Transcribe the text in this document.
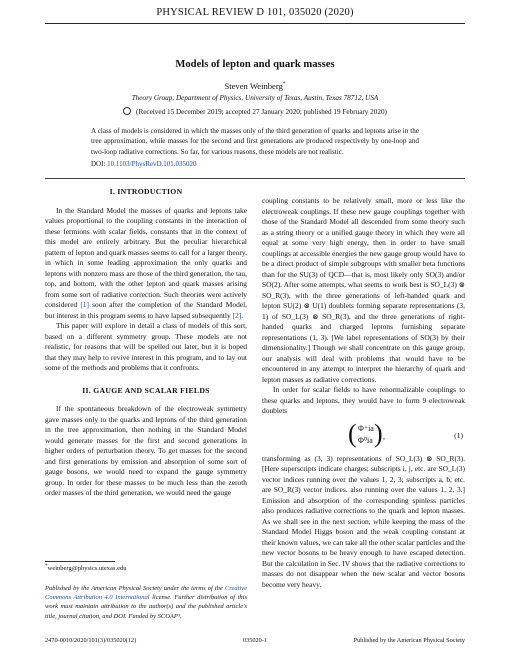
PHYSICAL REVIEW D 101, 035020 (2020)
Models of lepton and quark masses
Steven Weinberg*
Theory Group, Department of Physics, University of Texas, Austin, Texas 78712, USA
(Received 15 December 2019; accepted 27 January 2020; published 19 February 2020)
A class of models is considered in which the masses only of the third generation of quarks and leptons arise in the tree approximation, while masses for the second and first generations are produced respectively by one-loop and two-loop radiative corrections. So far, for various reasons, these models are not realistic.
DOI: 10.1103/PhysRevD.101.035020
I. INTRODUCTION

In the Standard Model the masses of quarks and leptons take values proportional to the coupling constants in the interaction of these fermions with scalar fields, constants that in the context of this model are entirely arbitrary. But the peculiar hierarchical pattern of lepton and quark masses seems to call for a larger theory, in which in some leading approximation the only quarks and leptons with nonzero mass are those of the third generation, the tau, top, and bottom, with the other lepton and quark masses arising from some sort of radiative correction. Such theories were actively considered [1] soon after the completion of the Standard Model, but interest in this program seems to have lapsed subsequently [2].

This paper will explore in detail a class of models of this sort, based on a different symmetry group. These models are not realistic, for reasons that will be spelled out later, but it is hoped that they may help to revive interest in this program, and to lay out some of the methods and problems that it confronts.

II. GAUGE AND SCALAR FIELDS

If the spontaneous breakdown of the electroweak symmetry gave masses only to the quarks and leptons of the third generation in the tree approximation, then nothing in the Standard Model would generate masses for the first and second generations in higher orders of perturbation theory. To get masses for the second and first generations by emission and absorption of some sort of gauge bosons, we would need to expand the gauge symmetry group. In order for these masses to be much less than the zeroth order masses of the third generation, we would need the gauge

coupling constants to be relatively small, more or less like the electroweak couplings. If these new gauge couplings together with those of the Standard Model all descended from some theory such as a string theory or a unified gauge theory in which they were all equal at some very high energy, then in order to have small couplings at accessible energies the new gauge group would have to be a direct product of simple subgroups with smaller beta functions than for the SU(3) of QCD—that is, most likely only SO(3) and/or SO(2). After some attempts, what seems to work best is SO_L(3) ⊗ SO_R(3), with the three generations of left-handed quark and lepton SU(2) ⊗ U(1) doublets forming separate representations (3, 1) of SO_L(3) ⊗ SO_R(3), and the three generations of right-handed quarks and charged leptons furnishing separate representations (1, 3). [We label representations of SO(3) by their dimensionality.] Though we shall concentrate on this gauge group, our analysis will deal with problems that would have to be encountered in any attempt to interpret the hierarchy of quark and lepton masses as radiative corrections.

In order for scalar fields to have renormalizable couplings to these quarks and leptons, they would have to form 9 electroweak doublets

( Φ⁺ia
Φ⁰ia ) ,	(1)

transforming as (3, 3) representations of SO_L(3) ⊗ SO_R(3). [Here superscripts indicate charges; subscripts i, j, etc. are SO_L(3) vector indices running over the values 1, 2, 3; subscripts a, b, etc. are SO_R(3) vector indices. also running over the values 1, 2, 3.] Emission and absorption of the corresponding spinless particles also produces radiative corrections to the quark and lepton masses. As we shall see in the next section, while keeping the mass of the Standard Model Higgs boson and the weak coupling constant at their known values, we can take all the other scalar particles and the new vector bosons to be heavy enough to have escaped detection. But the calculation in Sec. IV shows that the radiative corrections to masses do not disappear when the new scalar and vector bosons become very heavy.

*weinberg@physics.utexas.edu
Published by the American Physical Society under the terms of the Creative Commons Attribution 4.0 International license. Further distribution of this work must maintain attribution to the author(s) and the published article's title, journal citation, and DOI. Funded by SCOAP³.
2470-0010/2020/101(3)/035020(12)	035020-1	Published by the American Physical Society
